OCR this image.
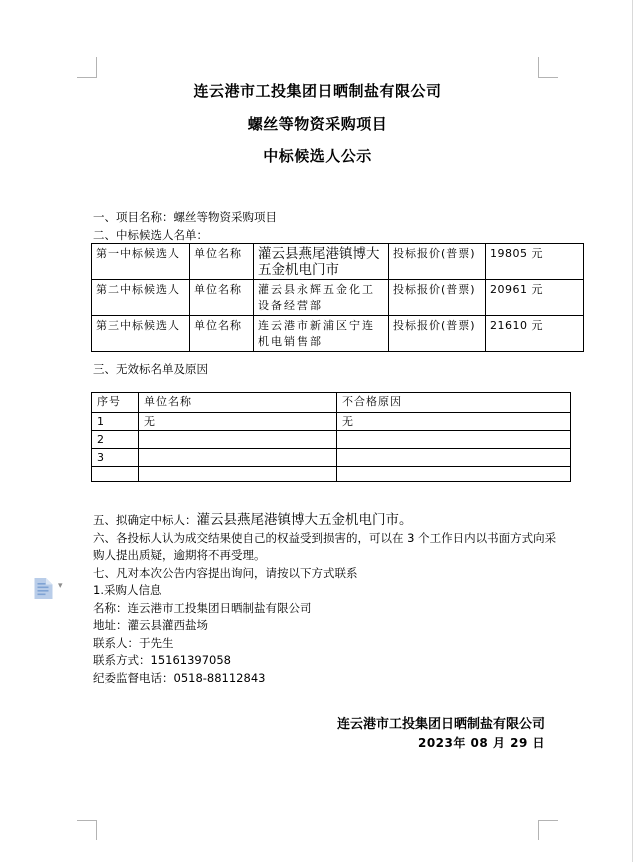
连云港市工投集团日晒制盐有限公司
螺丝等物资采购项目
中标候选人公示
一、项目名称：螺丝等物资采购项目
二、中标候选人名单：
第一中标候选人	单位名称	灌云县燕尾港镇博大五金机电门市	投标报价(普票)	19805 元
第二中标候选人	单位名称	灌云县永辉五金化工设备经营部	投标报价(普票)	20961 元
第三中标候选人	单位名称	连云港市新浦区宁连机电销售部	投标报价(普票)	21610 元
三、无效标名单及原因
序号	单位名称	不合格原因
1	无	无
2		
3		

五、拟确定中标人：灌云县燕尾港镇博大五金机电门市。

六、各投标人认为成交结果使自己的权益受到损害的，可以在 3 个工作日内以书面方式向采购人提出质疑，逾期将不再受理。

七、凡对本次公告内容提出询问，请按以下方式联系

1.采购人信息

名称：连云港市工投集团日晒制盐有限公司

地址：灌云县灌西盐场

联系人：于先生

联系方式：15161397058

纪委监督电话：0518-88112843

▾
连云港市工投集团日晒制盐有限公司
2023年 08 月 29 日
